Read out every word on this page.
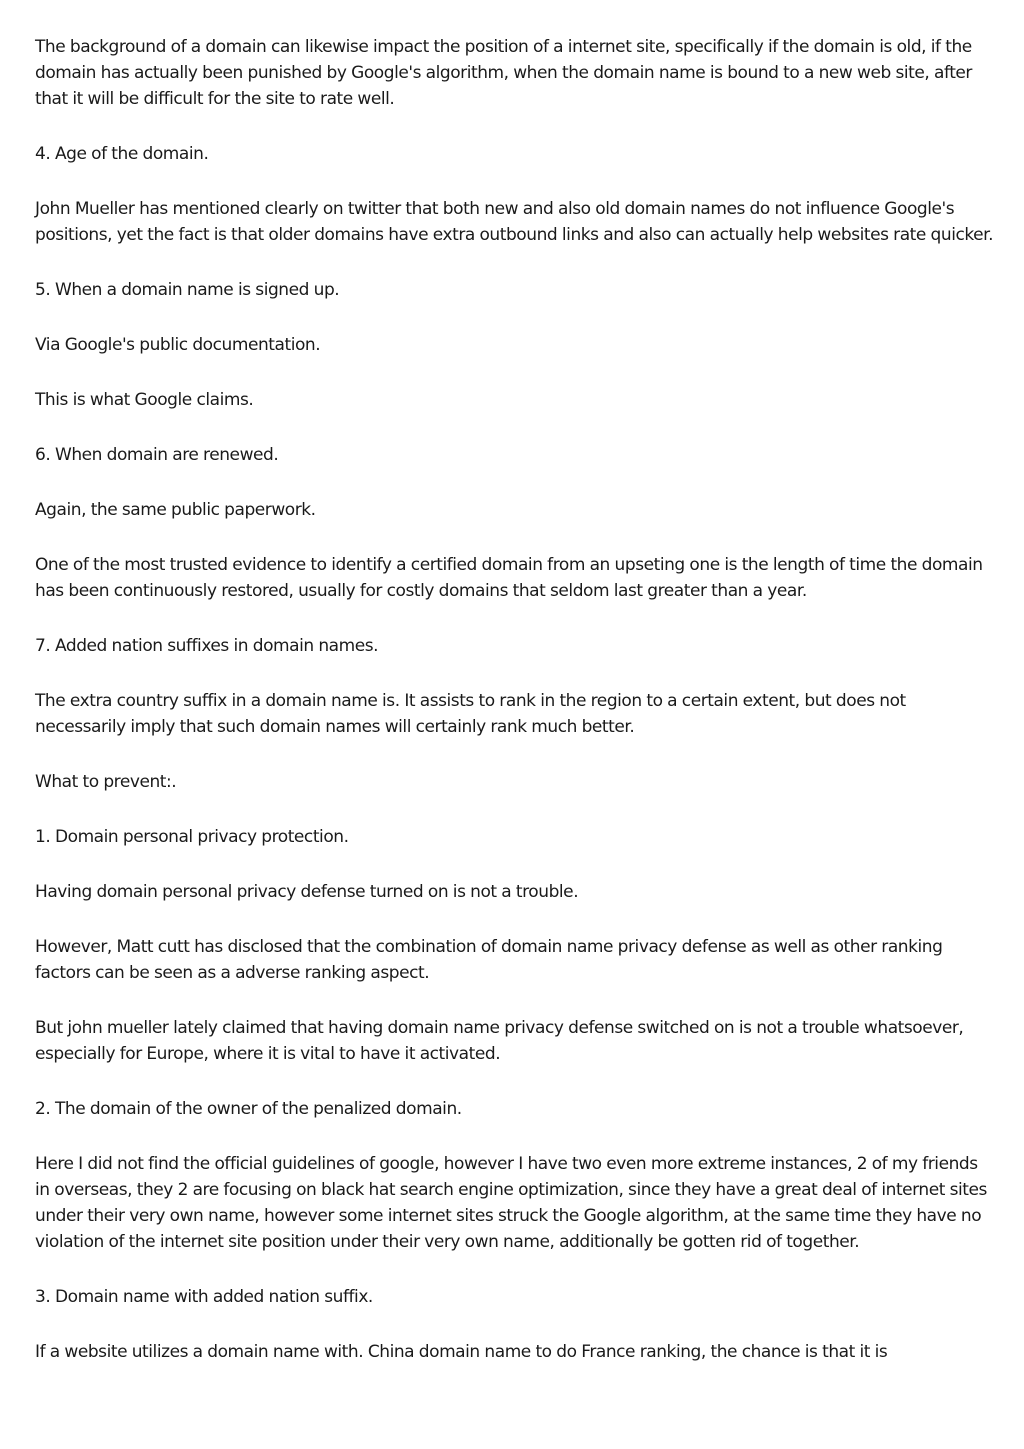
The background of a domain can likewise impact the position of a internet site, specifically if the domain is old, if the domain has actually been punished by Google's algorithm, when the domain name is bound to a new web site, after that it will be difficult for the site to rate well.

4. Age of the domain.

John Mueller has mentioned clearly on twitter that both new and also old domain names do not influence Google's positions, yet the fact is that older domains have extra outbound links and also can actually help websites rate quicker.

5. When a domain name is signed up.

Via Google's public documentation.

This is what Google claims.

6. When domain are renewed.

Again, the same public paperwork.

One of the most trusted evidence to identify a certified domain from an upseting one is the length of time the domain has been continuously restored, usually for costly domains that seldom last greater than a year.

7. Added nation suffixes in domain names.

The extra country suffix in a domain name is. It assists to rank in the region to a certain extent, but does not necessarily imply that such domain names will certainly rank much better.

What to prevent:.

1. Domain personal privacy protection.

Having domain personal privacy defense turned on is not a trouble.

However, Matt cutt has disclosed that the combination of domain name privacy defense as well as other ranking factors can be seen as a adverse ranking aspect.

But john mueller lately claimed that having domain name privacy defense switched on is not a trouble whatsoever, especially for Europe, where it is vital to have it activated.

2. The domain of the owner of the penalized domain.

Here I did not find the official guidelines of google, however I have two even more extreme instances, 2 of my friends in overseas, they 2 are focusing on black hat search engine optimization, since they have a great deal of internet sites under their very own name, however some internet sites struck the Google algorithm, at the same time they have no violation of the internet site position under their very own name, additionally be gotten rid of together.

3. Domain name with added nation suffix.

If a website utilizes a domain name with. China domain name to do France ranking, the chance is that it is
